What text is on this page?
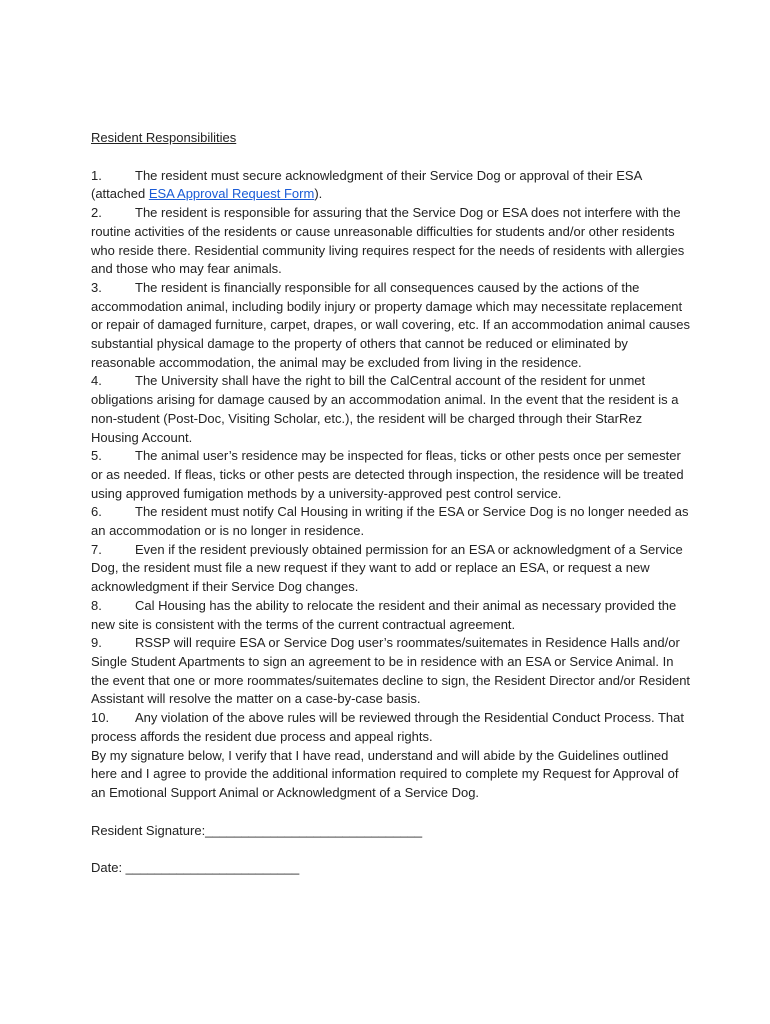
Resident Responsibilities
1.	The resident must secure acknowledgment of their Service Dog or approval of their ESA (attached ESA Approval Request Form).
2.	The resident is responsible for assuring that the Service Dog or ESA does not interfere with the routine activities of the residents or cause unreasonable difficulties for students and/or other residents who reside there. Residential community living requires respect for the needs of residents with allergies and those who may fear animals.
3.	The resident is financially responsible for all consequences caused by the actions of the accommodation animal, including bodily injury or property damage which may necessitate replacement or repair of damaged furniture, carpet, drapes, or wall covering, etc. If an accommodation animal causes substantial physical damage to the property of others that cannot be reduced or eliminated by reasonable accommodation, the animal may be excluded from living in the residence.
4.	The University shall have the right to bill the CalCentral account of the resident for unmet obligations arising for damage caused by an accommodation animal. In the event that the resident is a non-student (Post-Doc, Visiting Scholar, etc.), the resident will be charged through their StarRez Housing Account.
5.	The animal user’s residence may be inspected for fleas, ticks or other pests once per semester or as needed. If fleas, ticks or other pests are detected through inspection, the residence will be treated using approved fumigation methods by a university-approved pest control service.
6.	The resident must notify Cal Housing in writing if the ESA or Service Dog is no longer needed as an accommodation or is no longer in residence.
7.	Even if the resident previously obtained permission for an ESA or acknowledgment of a Service Dog, the resident must file a new request if they want to add or replace an ESA, or request a new acknowledgment if their Service Dog changes.
8.	Cal Housing has the ability to relocate the resident and their animal as necessary provided the new site is consistent with the terms of the current contractual agreement.
9.	RSSP will require ESA or Service Dog user’s roommates/suitemates in Residence Halls and/or Single Student Apartments to sign an agreement to be in residence with an ESA or Service Animal. In the event that one or more roommates/suitemates decline to sign, the Resident Director and/or Resident Assistant will resolve the matter on a case-by-case basis.
10. Any violation of the above rules will be reviewed through the Residential Conduct Process. That process affords the resident due process and appeal rights.
By my signature below, I verify that I have read, understand and will abide by the Guidelines outlined here and I agree to provide the additional information required to complete my Request for Approval of an Emotional Support Animal or Acknowledgment of a Service Dog.
Resident Signature:______________________________
Date: ________________________
